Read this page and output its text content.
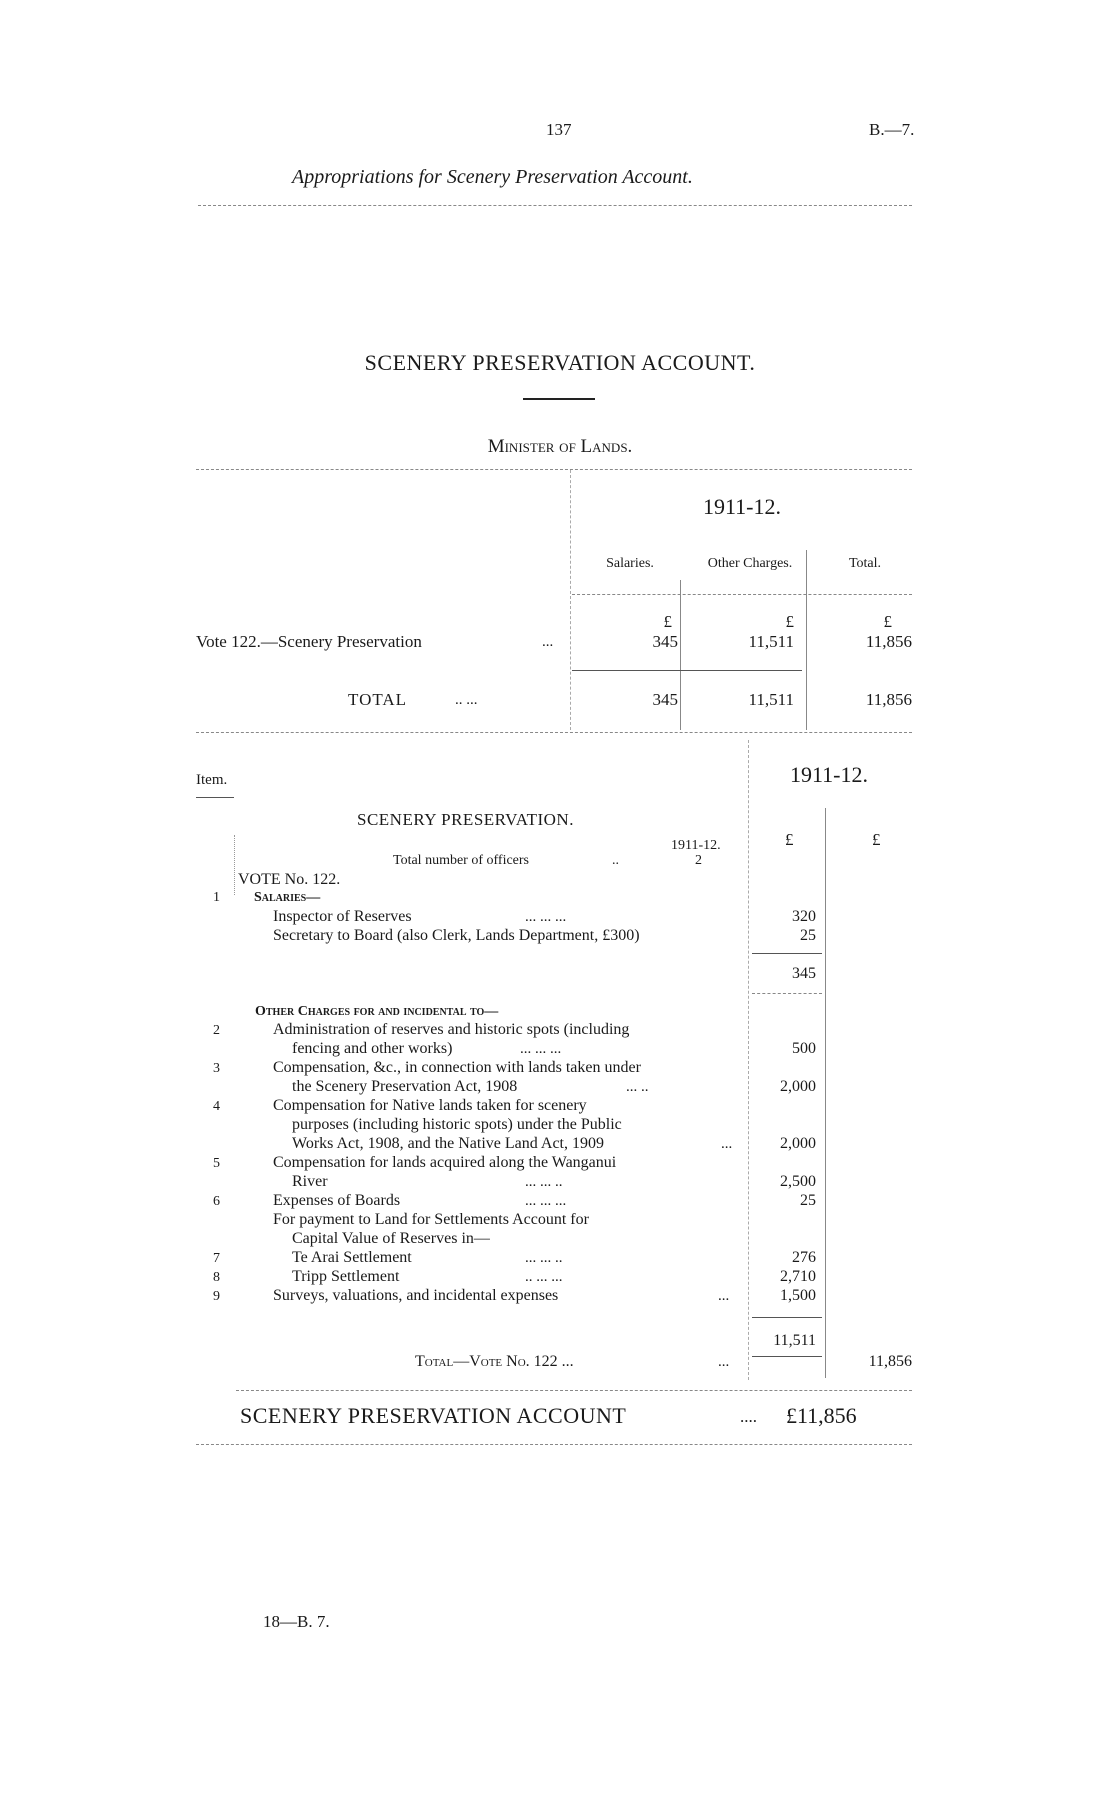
137	B.—7.
Appropriations for Scenery Preservation Account.
SCENERY PRESERVATION ACCOUNT.
Minister of Lands.
1911-12.
Salaries.	Other Charges.	Total.
£	£	£
Vote 122.—Scenery Preservation	...	345	11,511	11,856
TOTAL	.. ...	345	11,511	11,856
Item.	1911-12.
SCENERY PRESERVATION.
1911-12.
Total number of officers	..	2
£	£
VOTE No. 122.
1 Salaries—
Inspector of Reserves	... ... ...	320
Secretary to Board (also Clerk, Lands Department, £300)	25
345
Other Charges for and incidental to—
2	Administration of reserves and historic spots (including
fencing and other works)	... ... ...	500
3	Compensation, &c., in connection with lands taken under
the Scenery Preservation Act, 1908	... ..	2,000
4	Compensation for Native lands taken for scenery
purposes (including historic spots) under the Public
Works Act, 1908, and the Native Land Act, 1909	...	2,000
5	Compensation for lands acquired along the Wanganui
River	... ... ..	2,500
6	Expenses of Boards	... ... ...	25
For payment to Land for Settlements Account for
Capital Value of Reserves in—
7	Te Arai Settlement	... ... ..	276
8	Tripp Settlement	.. ... ...	2,710
9	Surveys, valuations, and incidental expenses	...	1,500
11,511
Total—Vote No. 122 ...	...	11,856
SCENERY PRESERVATION ACCOUNT	.... £11,856
18—B. 7.
